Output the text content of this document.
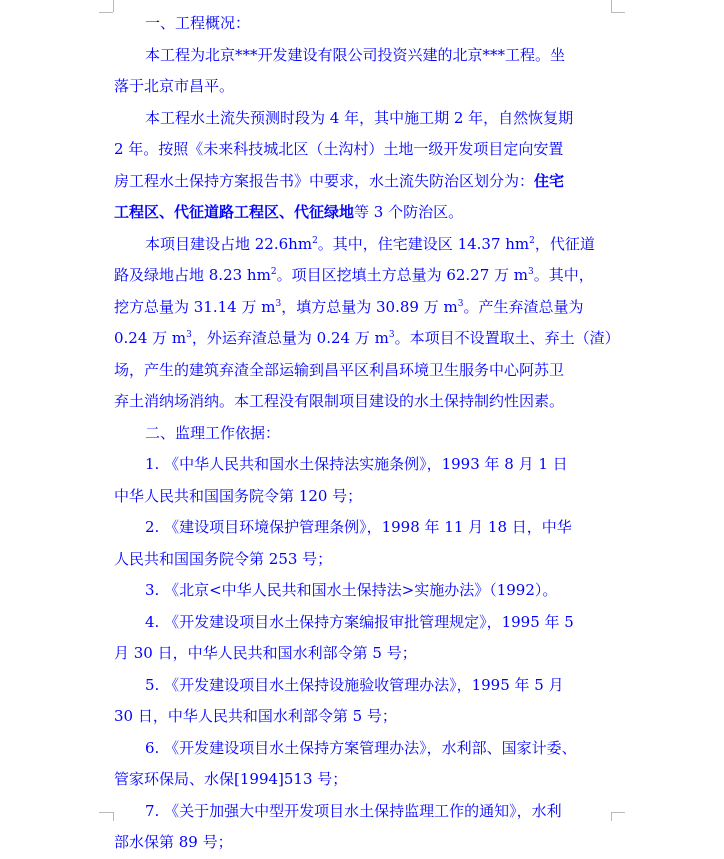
一、工程概况：
本工程为北京***开发建设有限公司投资兴建的北京***工程。坐
落于北京市昌平。
本工程水土流失预测时段为 4 年，其中施工期 2 年，自然恢复期
2 年。按照《未来科技城北区（土沟村）土地一级开发项目定向安置
房工程水土保持方案报告书》中要求，水土流失防治区划分为：住宅
工程区、代征道路工程区、代征绿地等 3 个防治区。
本项目建设占地 $22.6hm^2$。其中，住宅建设区 14.37 $hm^2$，代征道
路及绿地占地 8.23 $hm^2$。项目区挖填土方总量为 62.27 万 $m^3$。其中，
挖方总量为 31.14 万 $m^3$，填方总量为 30.89 万 $m^3$。产生弃渣总量为
0.24 万 $m^3$，外运弃渣总量为 0.24 万 $m^3$。本项目不设置取土、弃土（渣）
场，产生的建筑弃渣全部运输到昌平区利昌环境卫生服务中心阿苏卫
弃土消纳场消纳。本工程没有限制项目建设的水土保持制约性因素。
二、监理工作依据：
1. 《中华人民共和国水土保持法实施条例》，1993 年 8 月 1 日
中华人民共和国国务院令第 120 号；
2. 《建设项目环境保护管理条例》，1998 年 11 月 18 日，中华
人民共和国国务院令第 253 号；
3. 《北京<中华人民共和国水土保持法>实施办法》（1992）。
4. 《开发建设项目水土保持方案编报审批管理规定》，1995 年 5
月 30 日，中华人民共和国水利部令第 5 号；
5. 《开发建设项目水土保持设施验收管理办法》，1995 年 5 月
30 日，中华人民共和国水利部令第 5 号；
6. 《开发建设项目水土保持方案管理办法》，水利部、国家计委、
管家环保局、水保[1994]513 号；
7. 《关于加强大中型开发项目水土保持监理工作的通知》，水利
部水保第 89 号；
